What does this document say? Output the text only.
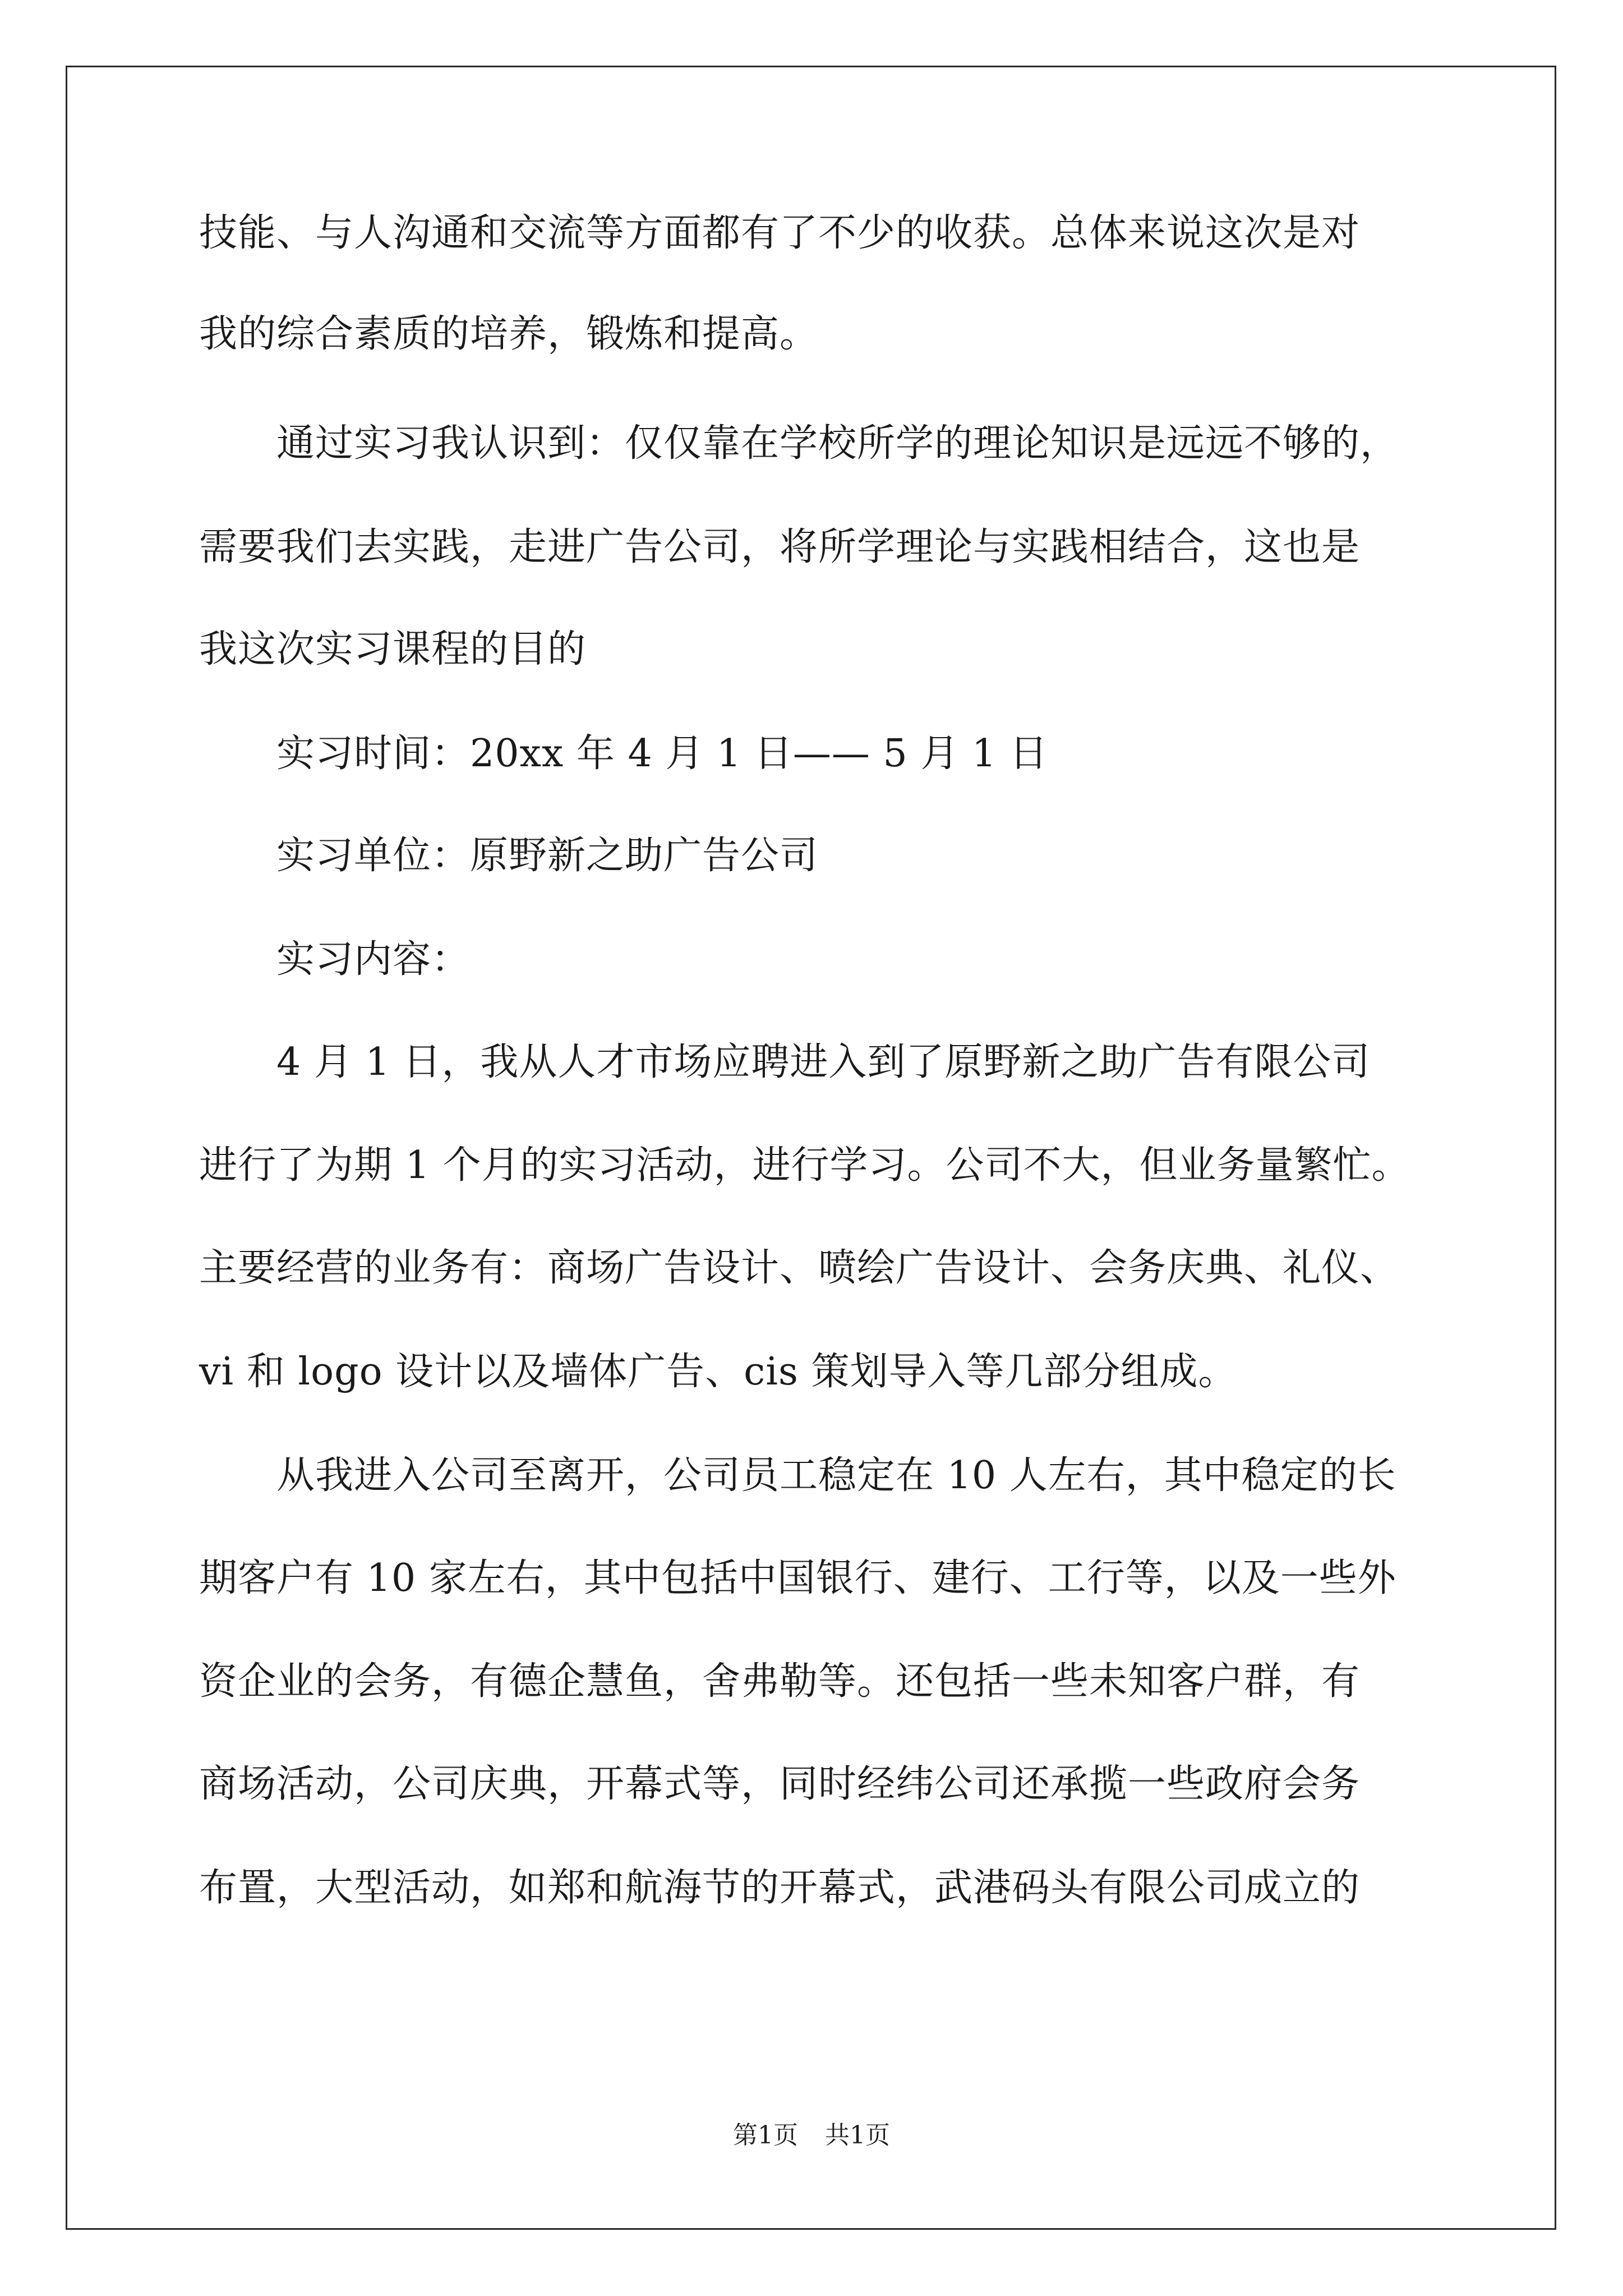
技能、与人沟通和交流等方面都有了不少的收获。总体来说这次是对

我的综合素质的培养，锻炼和提高。

　　通过实习我认识到：仅仅靠在学校所学的理论知识是远远不够的，

需要我们去实践，走进广告公司，将所学理论与实践相结合，这也是

我这次实习课程的目的

　　实习时间：20xx 年 4 月 1 日—— 5 月 1 日

　　实习单位：原野新之助广告公司

　　实习内容：

　　4 月 1 日，我从人才市场应聘进入到了原野新之助广告有限公司

进行了为期 1 个月的实习活动，进行学习。公司不大，但业务量繁忙。

主要经营的业务有：商场广告设计、喷绘广告设计、会务庆典、礼仪、

vi 和 logo 设计以及墙体广告、cis 策划导入等几部分组成。

　　从我进入公司至离开，公司员工稳定在 10 人左右，其中稳定的长

期客户有 10 家左右，其中包括中国银行、建行、工行等，以及一些外

资企业的会务，有德企慧鱼，舍弗勒等。还包括一些未知客户群，有

商场活动，公司庆典，开幕式等，同时经纬公司还承揽一些政府会务

布置，大型活动，如郑和航海节的开幕式，武港码头有限公司成立的

第1页 共1页
